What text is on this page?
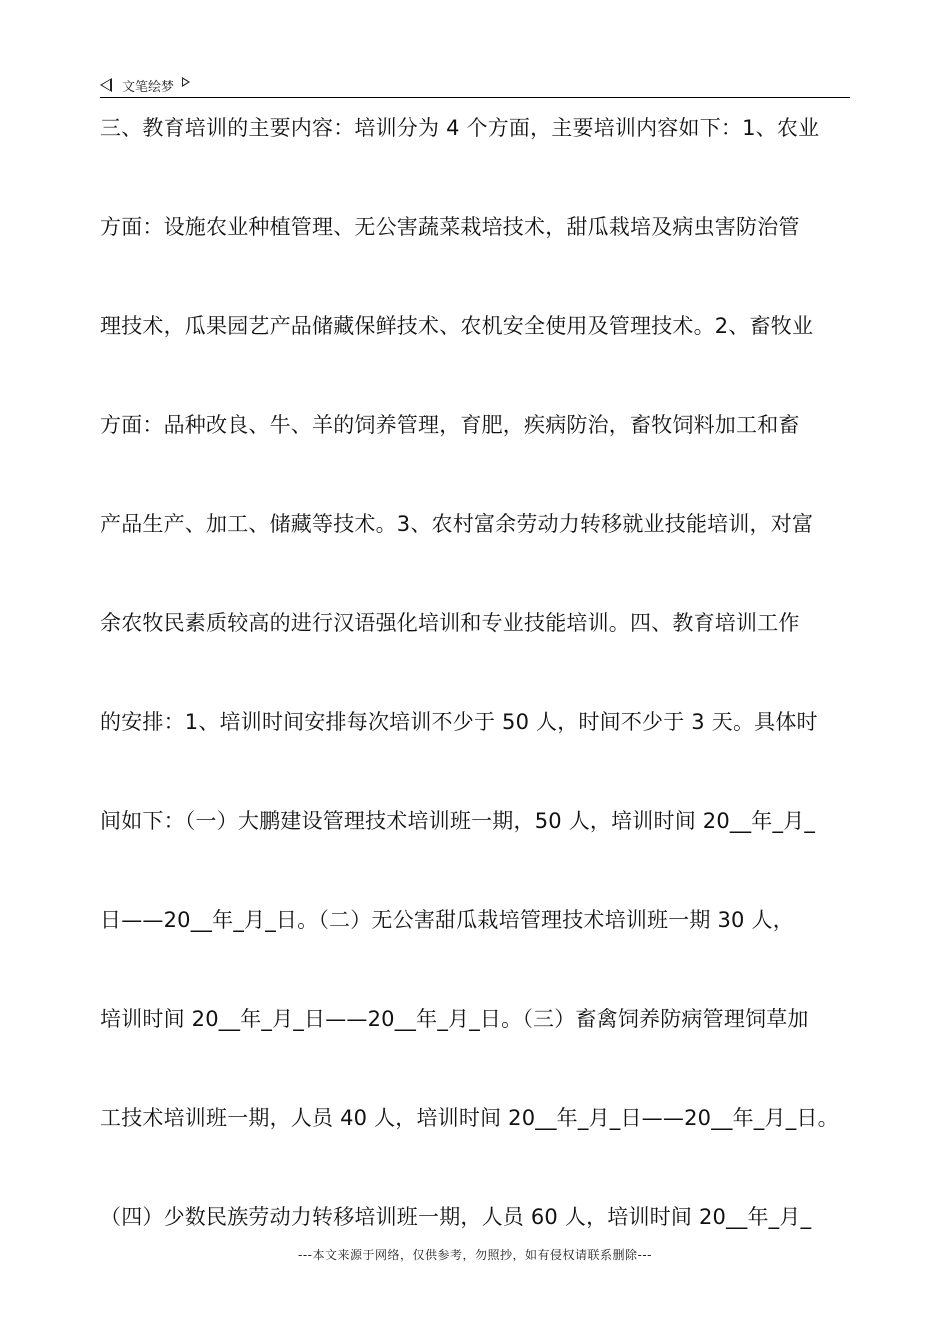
文笔绘梦
三、教育培训的主要内容：培训分为 4 个方面，主要培训内容如下：1、农业
方面：设施农业种植管理、无公害蔬菜栽培技术，甜瓜栽培及病虫害防治管
理技术，瓜果园艺产品储藏保鲜技术、农机安全使用及管理技术。2、畜牧业
方面：品种改良、牛、羊的饲养管理，育肥，疾病防治，畜牧饲料加工和畜
产品生产、加工、储藏等技术。3、农村富余劳动力转移就业技能培训，对富
余农牧民素质较高的进行汉语强化培训和专业技能培训。四、教育培训工作
的安排：1、培训时间安排每次培训不少于 50 人，时间不少于 3 天。具体时
间如下：（一）大鹏建设管理技术培训班一期，50 人，培训时间 20__年_月_
日——20__年_月_日。（二）无公害甜瓜栽培管理技术培训班一期 30 人，
培训时间 20__年_月_日——20__年_月_日。（三）畜禽饲养防病管理饲草加
工技术培训班一期，人员 40 人，培训时间 20__年_月_日——20__年_月_日。
（四）少数民族劳动力转移培训班一期，人员 60 人，培训时间 20__年_月_
---本文来源于网络，仅供参考，勿照抄，如有侵权请联系删除---
